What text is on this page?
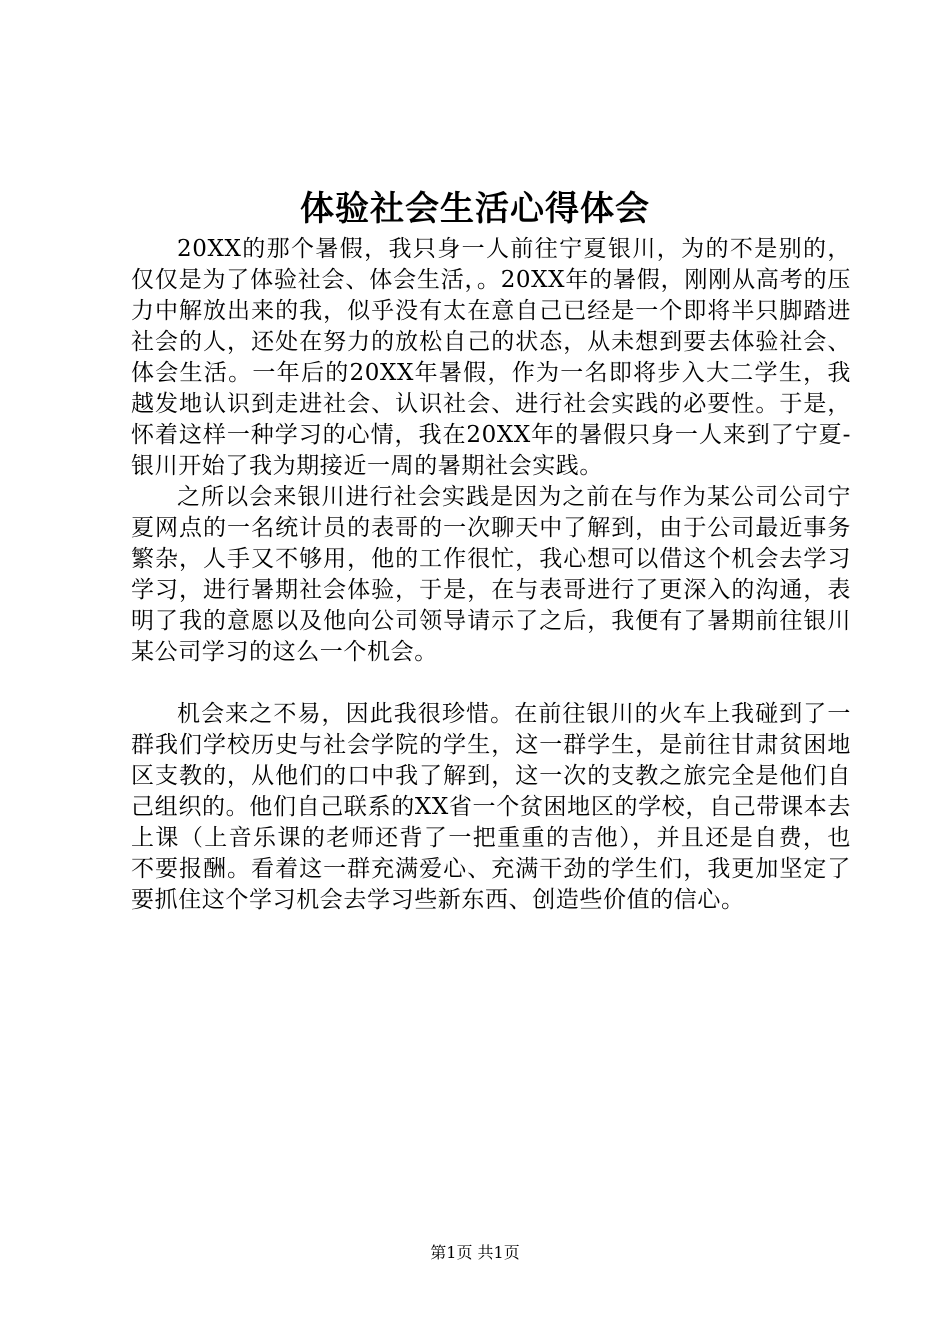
体验社会生活心得体会

20XX的那个暑假，我只身一人前往宁夏银川，为的不是别的，仅仅是为了体验社会、体会生活，。20XX年的暑假，刚刚从高考的压力中解放出来的我，似乎没有太在意自己已经是一个即将半只脚踏进社会的人，还处在努力的放松自己的状态，从未想到要去体验社会、体会生活。一年后的20XX年暑假，作为一名即将步入大二学生，我越发地认识到走进社会、认识社会、进行社会实践的必要性。于是，怀着这样一种学习的心情，我在20XX年的暑假只身一人来到了宁夏-银川开始了我为期接近一周的暑期社会实践。

之所以会来银川进行社会实践是因为之前在与作为某公司公司宁夏网点的一名统计员的表哥的一次聊天中了解到，由于公司最近事务繁杂，人手又不够用，他的工作很忙，我心想可以借这个机会去学习学习，进行暑期社会体验，于是，在与表哥进行了更深入的沟通，表明了我的意愿以及他向公司领导请示了之后，我便有了暑期前往银川某公司学习的这么一个机会。

机会来之不易，因此我很珍惜。在前往银川的火车上我碰到了一群我们学校历史与社会学院的学生，这一群学生，是前往甘肃贫困地区支教的，从他们的口中我了解到，这一次的支教之旅完全是他们自己组织的。他们自己联系的XX省一个贫困地区的学校，自己带课本去上课（上音乐课的老师还背了一把重重的吉他），并且还是自费，也不要报酬。看着这一群充满爱心、充满干劲的学生们，我更加坚定了要抓住这个学习机会去学习些新东西、创造些价值的信心。

第1页 共1页
